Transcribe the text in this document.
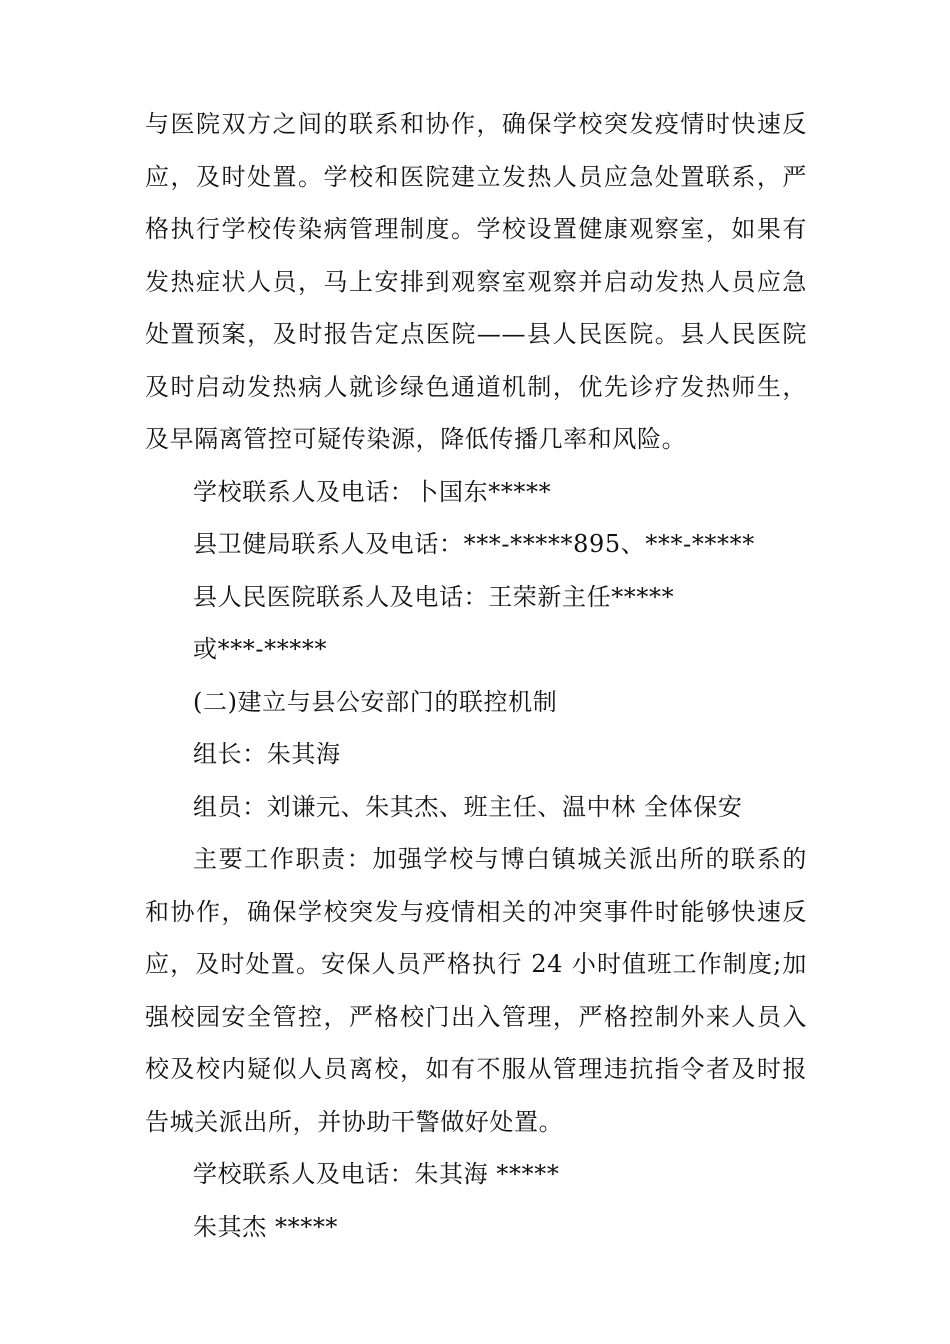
与医院双方之间的联系和协作，确保学校突发疫情时快速反应，及时处置。学校和医院建立发热人员应急处置联系，严格执行学校传染病管理制度。学校设置健康观察室，如果有发热症状人员，马上安排到观察室观察并启动发热人员应急处置预案，及时报告定点医院——县人民医院。县人民医院及时启动发热病人就诊绿色通道机制，优先诊疗发热师生，及早隔离管控可疑传染源，降低传播几率和风险。

学校联系人及电话：卜国东*****

县卫健局联系人及电话：***-*****895、***-*****

县人民医院联系人及电话：王荣新主任*****

或***-*****

(二)建立与县公安部门的联控机制

组长：朱其海

组员：刘谦元、朱其杰、班主任、温中林 全体保安

主要工作职责：加强学校与博白镇城关派出所的联系的和协作，确保学校突发与疫情相关的冲突事件时能够快速反应，及时处置。安保人员严格执行 24 小时值班工作制度;加强校园安全管控，严格校门出入管理，严格控制外来人员入校及校内疑似人员离校，如有不服从管理违抗指令者及时报告城关派出所，并协助干警做好处置。

学校联系人及电话：朱其海 *****

朱其杰 *****
